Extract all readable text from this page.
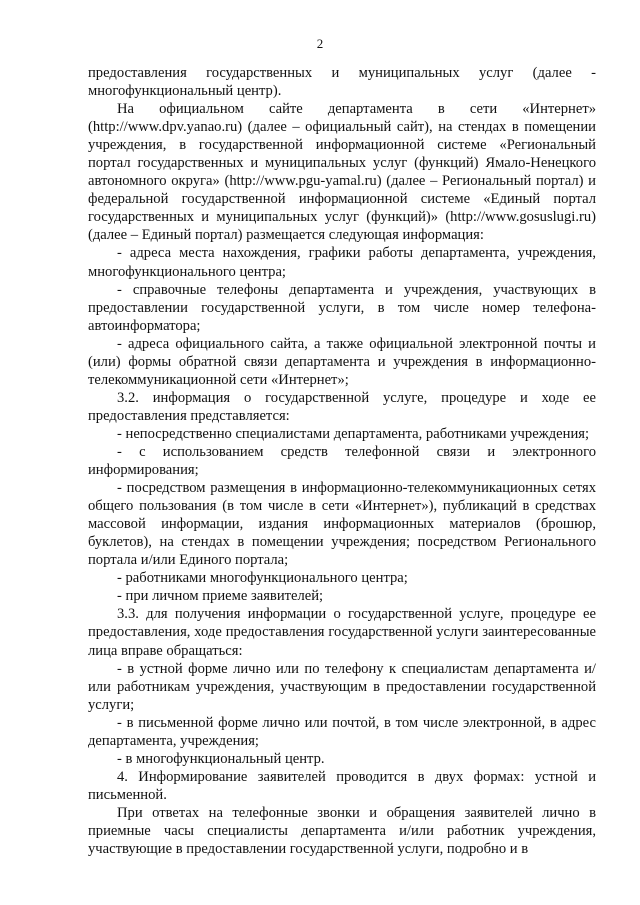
2

предоставления государственных и муниципальных услуг (далее - многофункциональный центр).

На официальном сайте департамента в сети «Интернет» (http://www.dpv.yanao.ru) (далее – официальный сайт), на стендах в помещении учреждения, в государственной информационной системе «Региональный портал государственных и муниципальных услуг (функций) Ямало-Ненецкого автономного округа» (http://www.pgu-yamal.ru) (далее – Региональный портал) и федеральной государственной информационной системе «Единый портал государственных и муниципальных услуг (функций)» (http://www.gosuslugi.ru) (далее – Единый портал) размещается следующая информация:

- адреса места нахождения, графики работы департамента, учреждения, многофункционального центра;

- справочные телефоны департамента и учреждения, участвующих в предоставлении государственной услуги, в том числе номер телефона-автоинформатора;

- адреса официального сайта, а также официальной электронной почты и (или) формы обратной связи департамента и учреждения в информационно-телекоммуникационной сети «Интернет»;

3.2. информация о государственной услуге, процедуре и ходе ее предоставления представляется:

- непосредственно специалистами департамента, работниками учреждения;

- с использованием средств телефонной связи и электронного информирования;

- посредством размещения в информационно-телекоммуникационных сетях общего пользования (в том числе в сети «Интернет»), публикаций в средствах массовой информации, издания информационных материалов (брошюр, буклетов), на стендах в помещении учреждения; посредством Регионального портала и/или Единого портала;

- работниками многофункционального центра;

- при личном приеме заявителей;

3.3. для получения информации о государственной услуге, процедуре ее предоставления, ходе предоставления государственной услуги заинтересованные лица вправе обращаться:

- в устной форме лично или по телефону к специалистам департамента и/или работникам учреждения, участвующим в предоставлении государственной услуги;

- в письменной форме лично или почтой, в том числе электронной, в адрес департамента, учреждения;

- в многофункциональный центр.

4. Информирование заявителей проводится в двух формах: устной и письменной.

При ответах на телефонные звонки и обращения заявителей лично в приемные часы специалисты департамента и/или работник учреждения, участвующие в предоставлении государственной услуги, подробно и в
